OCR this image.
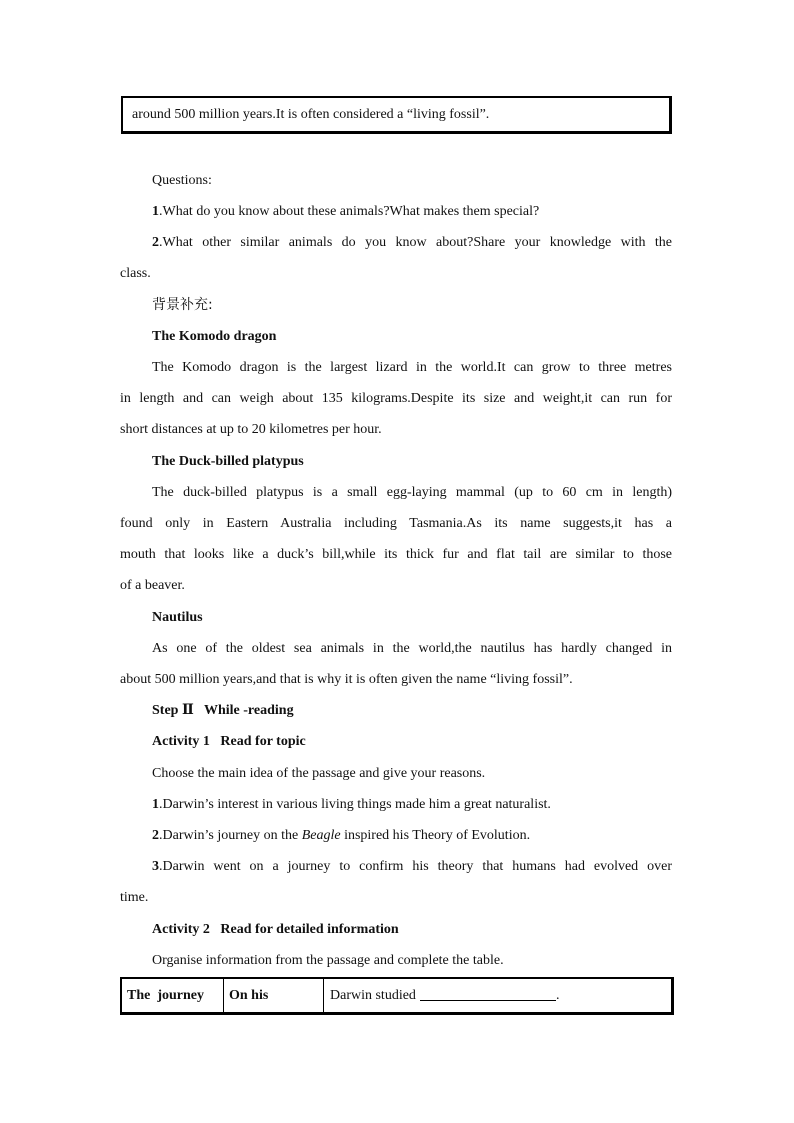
around 500 million years.It is often considered a “living fossil”.
Questions:
1.What do you know about these animals?What makes them special?
2.What other similar animals do you know about?Share your knowledge with the
class.
背景补充:
The Komodo dragon
The Komodo dragon is the largest lizard in the world.It can grow to three metres
in length and can weigh about 135 kilograms.Despite its size and weight,it can run for
short distances at up to 20 kilometres per hour.
The Duck-billed platypus
The duck-billed platypus is a small egg-laying mammal (up to 60 cm in length)
found only in Eastern Australia including Tasmania.As its name suggests,it has a
mouth that looks like a duck’s bill,while its thick fur and flat tail are similar to those
of a beaver.
Nautilus
As one of the oldest sea animals in the world,the nautilus has hardly changed in
about 500 million years,and that is why it is often given the name “living fossil”.
Step Ⅱ   While -reading
Activity 1   Read for topic
Choose the main idea of the passage and give your reasons.
1.Darwin’s interest in various living things made him a great naturalist.
2.Darwin’s journey on the Beagle inspired his Theory of Evolution.
3.Darwin went on a journey to confirm his theory that humans had evolved over
time.
Activity 2   Read for detailed information
Organise information from the passage and complete the table.
The  journey	On his	Darwin studied	.
